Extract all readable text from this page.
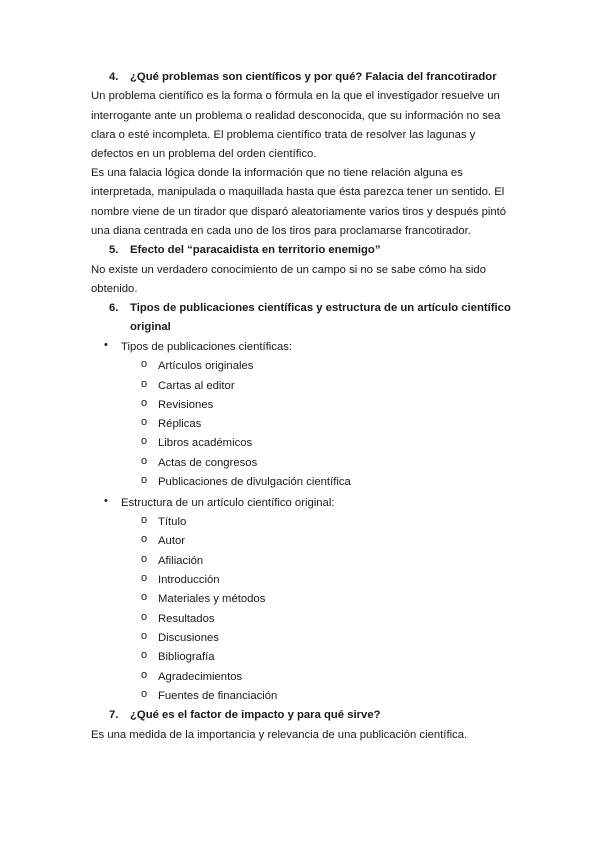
4. ¿Qué problemas son científicos y por qué? Falacia del francotirador
Un problema científico es la forma o fórmula en la que el investigador resuelve un
interrogante ante un problema o realidad desconocida, que su información no sea
clara o esté incompleta. El problema científico trata de resolver las lagunas y
defectos en un problema del orden científico.
Es una falacia lógica donde la información que no tiene relación alguna es
interpretada, manipulada o maquillada hasta que ésta parezca tener un sentido. El
nombre viene de un tirador que disparó aleatoriamente varios tiros y después pintó
una diana centrada en cada uno de los tiros para proclamarse francotirador.
5. Efecto del “paracaidista en territorio enemigo”
No existe un verdadero conocimiento de un campo si no se sabe cómo ha sido
obtenido.
6. Tipos de publicaciones científicas y estructura de un artículo científico
original
• Tipos de publicaciones científicas:
o Artículos originales
o Cartas al editor
o Revisiones
o Réplicas
o Libros académicos
o Actas de congresos
o Publicaciones de divulgación científica
• Estructura de un artículo científico original:
o Título
o Autor
o Afiliación
o Introducción
o Materiales y métodos
o Resultados
o Discusiones
o Bibliografía
o Agradecimientos
o Fuentes de financiación
7. ¿Qué es el factor de impacto y para qué sirve?
Es una medida de la importancia y relevancia de una publicación científica.
